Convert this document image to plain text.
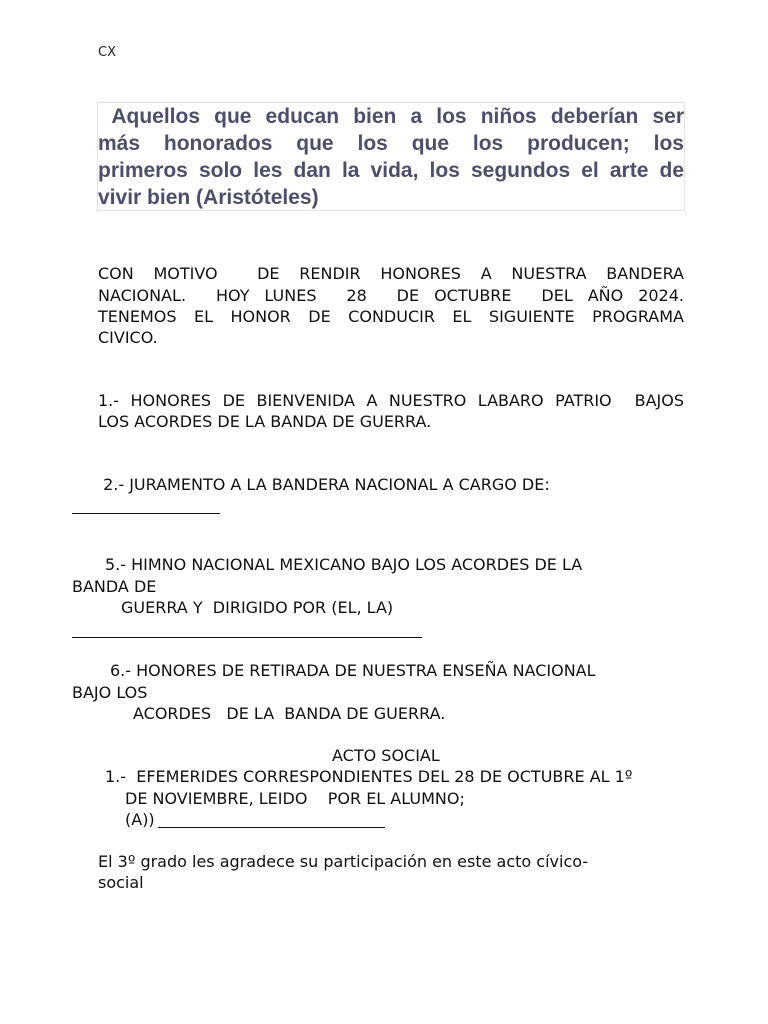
CX
Aquellos que educan bien a los niños deberían ser
más honorados que los que los producen; los
primeros solo les dan la vida, los segundos el arte de
vivir bien (Aristóteles)
CON MOTIVO  DE RENDIR HONORES A NUESTRA BANDERA
NACIONAL.  HOY LUNES  28  DE OCTUBRE  DEL AÑO 2024.
TENEMOS EL HONOR DE CONDUCIR EL SIGUIENTE PROGRAMA
CIVICO.
1.- HONORES DE BIENVENIDA A NUESTRO LABARO PATRIO  BAJOS
LOS ACORDES DE LA BANDA DE GUERRA.
2.- JURAMENTO A LA BANDERA NACIONAL A CARGO DE:
5.- HIMNO NACIONAL MEXICANO BAJO LOS ACORDES DE LA
BANDA DE
GUERRA Y  DIRIGIDO POR (EL, LA)
6.- HONORES DE RETIRADA DE NUESTRA ENSEÑA NACIONAL
BAJO LOS
ACORDES   DE LA  BANDA DE GUERRA.
ACTO SOCIAL
1.-  EFEMERIDES CORRESPONDIENTES DEL 28 DE OCTUBRE AL 1º
DE NOVIEMBRE, LEIDO    POR EL ALUMNO;
(A))
El 3º grado les agradece su participación en este acto cívico-
social
